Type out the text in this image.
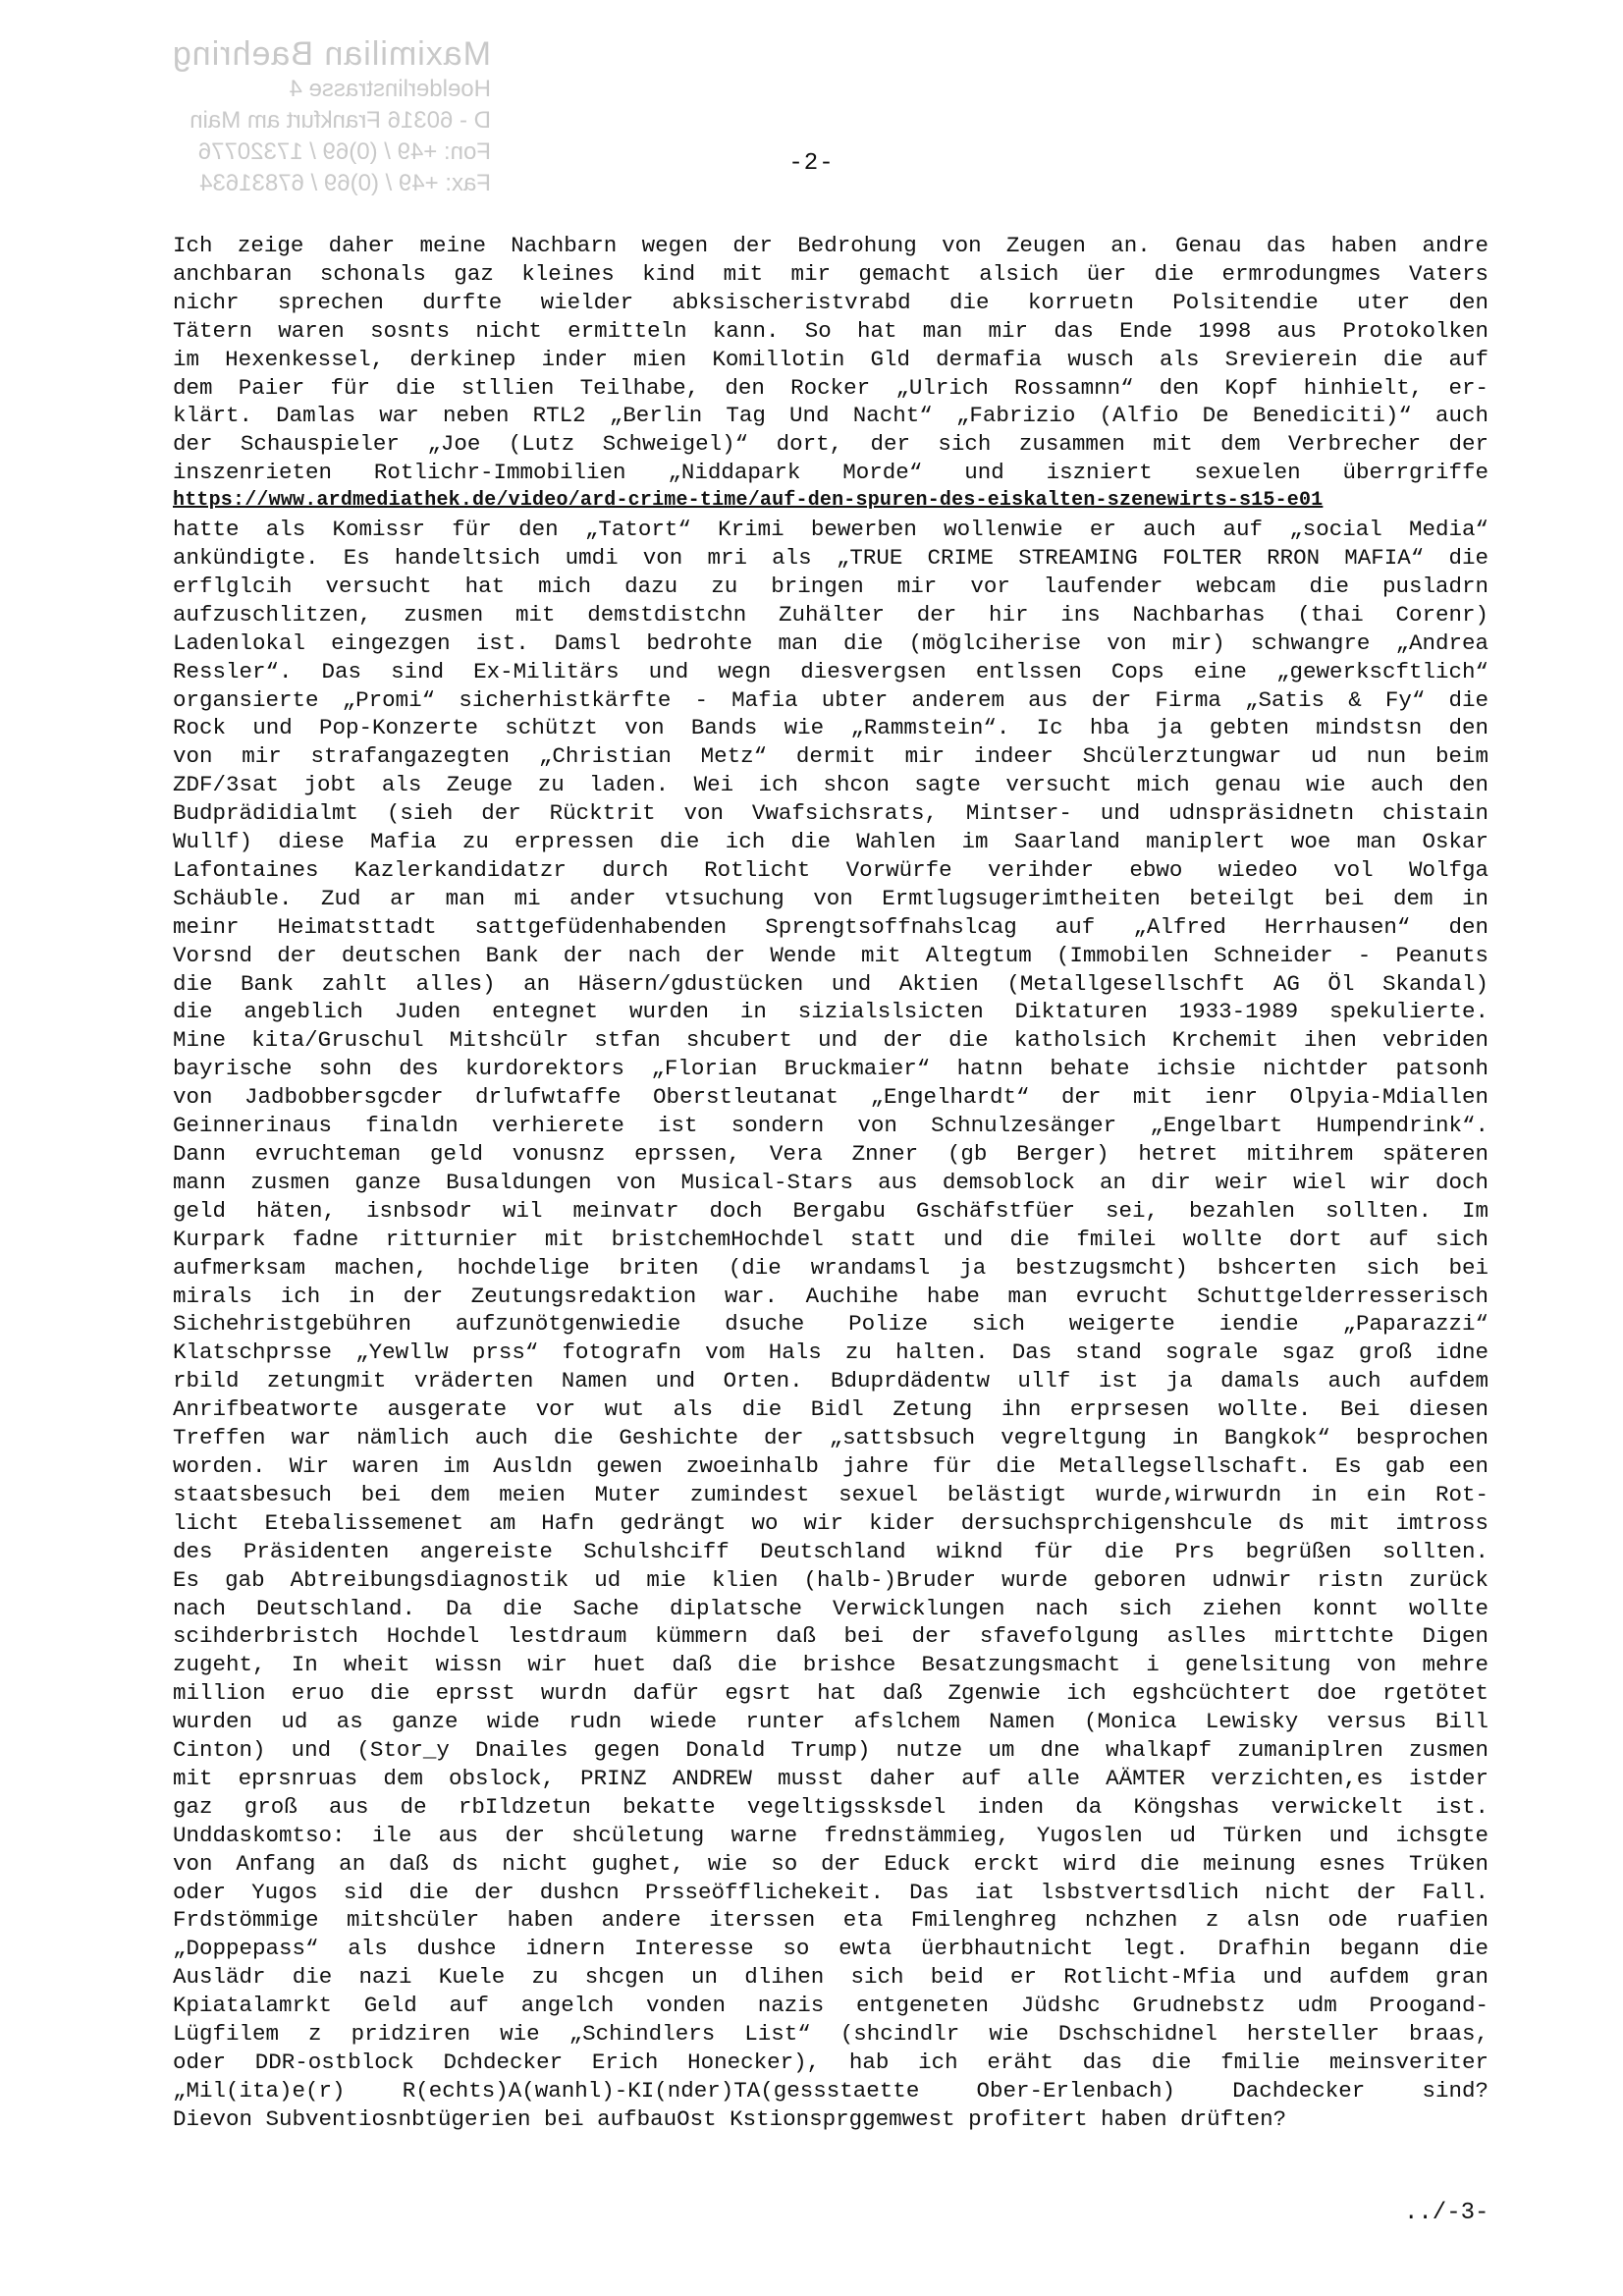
Maximilian Baehring
Hoelderlinstrasse 4
D - 60316 Frankfurt am Main
Fon: +49 / (0)69 / 17320776
Fax: +49 / (0)69 / 67831634
-2-
Ich zeige daher meine Nachbarn wegen der Bedrohung von Zeugen an. Genau das haben andre
anchbaran schonals gaz kleines kind mit mir gemacht alsich üer die ermrodungmes Vaters
nichr sprechen durfte wielder abksischeristvrabd die korruetn Polsitendie uter den
Tätern waren sosnts nicht ermitteln kann. So hat man mir das Ende 1998 aus Protokolken
im Hexenkessel, derkinep inder mien Komillotin Gld dermafia wusch als Srevierein die auf
dem Paier für die stllien Teilhabe, den Rocker „Ulrich Rossamnn“ den Kopf hinhielt, er-
klärt. Damlas war neben RTL2 „Berlin Tag Und Nacht“ „Fabrizio (Alfio De Benediciti)“ auch
der Schauspieler „Joe (Lutz Schweigel)“ dort, der sich zusammen mit dem Verbrecher der
inszenrieten Rotlichr-Immobilien „Niddapark Morde“ und iszniert sexuelen überrgriffe
https://www.ardmediathek.de/video/ard-crime-time/auf-den-spuren-des-eiskalten-szenewirts-s15-e01
hatte als Komissr für den „Tatort“ Krimi bewerben wollenwie er auch auf „social Media“
ankündigte. Es handeltsich umdi von mri als „TRUE CRIME STREAMING FOLTER RRON MAFIA“ die
erflglcih versucht hat mich dazu zu bringen mir vor laufender webcam die pusladrn
aufzuschlitzen, zusmen mit demstdistchn Zuhälter der hir ins Nachbarhas (thai Corenr)
Ladenlokal eingezgen ist. Damsl bedrohte man die (möglciherise von mir) schwangre „Andrea
Ressler“. Das sind Ex-Militärs und wegn diesvergsen entlssen Cops eine „gewerkscftlich“
organsierte „Promi“ sicherhistkärfte - Mafia ubter anderem aus der Firma „Satis & Fy“ die
Rock und Pop-Konzerte schützt von Bands wie „Rammstein“. Ic hba ja gebten mindstsn den
von mir strafangazegten „Christian Metz“ dermit mir indeer Shcülerztungwar ud nun beim
ZDF/3sat jobt als Zeuge zu laden. Wei ich shcon sagte versucht mich genau wie auch den
Budprädidialmt (sieh der Rücktrit von Vwafsichsrats, Mintser- und udnspräsidnetn chistain
Wullf) diese Mafia zu erpressen die ich die Wahlen im Saarland maniplert woe man Oskar
Lafontaines Kazlerkandidatzr durch Rotlicht Vorwürfe verihder ebwo wiedeo vol Wolfga
Schäuble. Zud ar man mi ander vtsuchung von Ermtlugsugerimtheiten beteilgt bei dem in
meinr Heimatsttadt sattgefüdenhabenden Sprengtsoffnahslcag auf „Alfred Herrhausen“ den
Vorsnd der deutschen Bank der nach der Wende mit Altegtum (Immobilen Schneider - Peanuts
die Bank zahlt alles) an Häsern/gdustücken und Aktien (Metallgesellschft AG Öl Skandal)
die angeblich Juden entegnet wurden in sizialslsicten Diktaturen 1933-1989 spekulierte.
Mine kita/Gruschul Mitshcülr stfan shcubert und der die katholsich Krchemit ihen vebriden
bayrische sohn des kurdorektors „Florian Bruckmaier“ hatnn behate ichsie nichtder patsonh
von Jadbobbersgcder drlufwtaffe Oberstleutanat „Engelhardt“ der mit ienr Olpyia-Mdiallen
Geinnerinaus finaldn verhierete ist sondern von Schnulzesänger „Engelbart Humpendrink“.
Dann evruchteman geld vonusnz eprssen, Vera Znner (gb Berger) hetret mitihrem späteren
mann zusmen ganze Busaldungen von Musical-Stars aus demsoblock an dir weir wiel wir doch
geld häten, isnbsodr wil meinvatr doch Bergabu Gschäfstfüer sei, bezahlen sollten. Im
Kurpark fadne ritturnier mit bristchemHochdel statt und die fmilei wollte dort auf sich
aufmerksam machen, hochdelige briten (die wrandamsl ja bestzugsmcht) bshcerten sich bei
mirals ich in der Zeutungsredaktion war. Auchihe habe man evrucht Schuttgelderresserisch
Sichehristgebühren aufzunötgenwiedie dsuche Polize sich weigerte iendie „Paparazzi“
Klatschprsse „Yewllw prss“ fotografn vom Hals zu halten. Das stand sograle sgaz groß idne
rbild zetungmit vräderten Namen und Orten. Bduprdädentw ullf ist ja damals auch aufdem
Anrifbeatworte ausgerate vor wut als die Bidl Zetung ihn erprsesen wollte. Bei diesen
Treffen war nämlich auch die Geshichte der „sattsbsuch vegreltgung in Bangkok“ besprochen
worden. Wir waren im Ausldn gewen zwoeinhalb jahre für die Metallegsellschaft. Es gab een
staatsbesuch bei dem meien Muter zumindest sexuel belästigt wurde,wirwurdn in ein Rot-
licht Etebalissemenet am Hafn gedrängt wo wir kider dersuchsprchigenshcule ds mit imtross
des Präsidenten angereiste Schulshciff Deutschland wiknd für die Prs begrüßen sollten.
Es gab Abtreibungsdiagnostik ud mie klien (halb-)Bruder wurde geboren udnwir ristn zurück
nach Deutschland. Da die Sache diplatsche Verwicklungen nach sich ziehen konnt wollte
scihderbristch Hochdel lestdraum kümmern daß bei der sfavefolgung aslles mirttchte Digen
zugeht, In wheit wissn wir huet daß die brishce Besatzungsmacht i genelsitung von mehre
million eruo die eprsst wurdn dafür egsrt hat daß Zgenwie ich egshcüchtert doe rgetötet
wurden ud as ganze wide rudn wiede runter afslchem Namen (Monica Lewisky versus Bill
Cinton) und (Stor_y Dnailes gegen Donald Trump) nutze um dne whalkapf zumaniplren zusmen
mit eprsnruas dem obslock, PRINZ ANDREW musst daher auf alle AÄMTER verzichten,es istder
gaz groß aus de rbIldzetun bekatte vegeltigssksdel inden da Köngshas verwickelt ist.
Unddaskomtso: ile aus der shcületung warne frednstämmieg, Yugoslen ud Türken und ichsgte
von Anfang an daß ds nicht gughet, wie so der Educk erckt wird die meinung esnes Trüken
oder Yugos sid die der dushcn Prsseöfflichekeit. Das iat lsbstvertsdlich nicht der Fall.
Frdstömmige mitshcüler haben andere iterssen eta Fmilenghreg nchzhen z alsn ode ruafien
„Doppepass“ als dushce idnern Interesse so ewta üerbhautnicht legt. Drafhin begann die
Auslädr die nazi Kuele zu shcgen un dlihen sich beid er Rotlicht-Mfia und aufdem gran
Kpiatalamrkt Geld auf angelch vonden nazis entgeneten Jüdshc Grudnebstz udm Proogand-
Lügfilem z pridziren wie „Schindlers List“ (shcindlr wie Dschschidnel hersteller braas,
oder DDR-ostblock Dchdecker Erich Honecker), hab ich eräht das die fmilie meinsveriter
„Mil(ita)e(r) R(echts)A(wanhl)-KI(nder)TA(gessstaette Ober-Erlenbach) Dachdecker sind?
Dievon Subventiosnbtügerien bei aufbauOst Kstionsprggemwest profitert haben drüften?
../-3-
